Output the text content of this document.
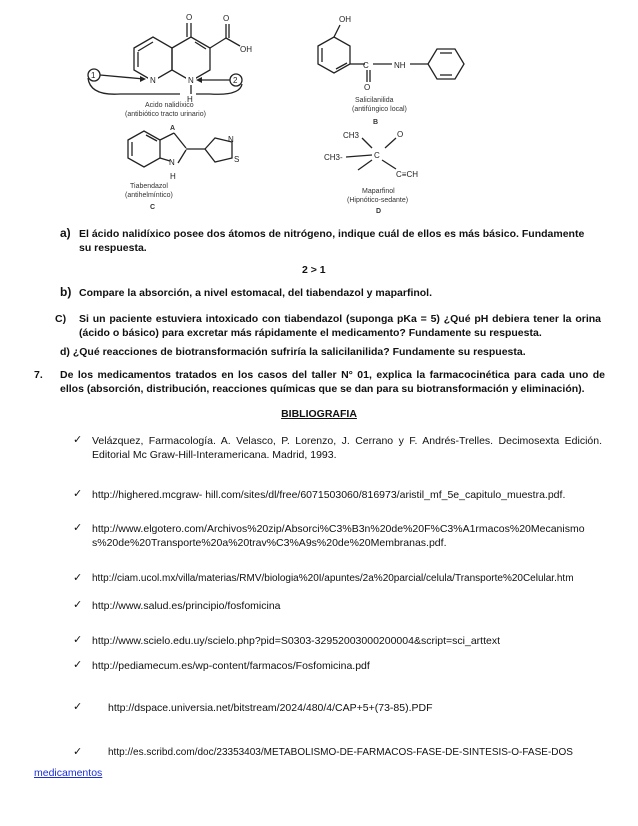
O	O
OH
N	N
H
1
2
Acido nalidíxico
(antibiótico tracto urinario)
A
OH
C
O
NH
Salicilanilida
(antifúngico local)
B
N
H
S
N
Tiabendazol
(antihelmíntico)
C
CH3	O
C
CH3-
C≡CH
Maparfinol
(Hipnótico-sedante)
D
a) El ácido nalidíxico posee dos átomos de nitrógeno, indique cuál de ellos es más básico. Fundamente su respuesta.
2 > 1
b) Compare la absorción, a nivel estomacal, del tiabendazol y maparfinol.
C) Si un paciente estuviera intoxicado con tiabendazol (suponga pKa = 5) ¿Qué pH debiera tener la orina (ácido o básico) para excretar más rápidamente el medicamento? Fundamente su respuesta.
d) ¿Qué reacciones de biotransformación sufriría la salicilanilida? Fundamente su respuesta.
7. De los medicamentos tratados en los casos del taller N° 01, explica la farmacocinética para cada uno de ellos (absorción, distribución, reacciones químicas que se dan para su biotransformación y eliminación).
BIBLIOGRAFIA
✓ Velázquez, Farmacología. A. Velasco, P. Lorenzo, J. Cerrano y F. Andrés-Trelles. Decimosexta Edición. Editorial Mc Graw-Hill-Interamericana. Madrid, 1993.
✓ http://highered.mcgraw- hill.com/sites/dl/free/6071503060/816973/aristil_mf_5e_capitulo_muestra.pdf.
✓ http://www.elgotero.com/Archivos%20zip/Absorci%C3%B3n%20de%20F%C3%A1rmacos%20Mecanismos%20de%20Transporte%20a%20trav%C3%A9s%20de%20Membranas.pdf.
✓ http://ciam.ucol.mx/villa/materias/RMV/biologia%20I/apuntes/2a%20parcial/celula/Transporte%20Celular.htm
✓ http://www.salud.es/principio/fosfomicina
✓ http://www.scielo.edu.uy/scielo.php?pid=S0303-32952003000200004&script=sci_arttext
✓ http://pediamecum.es/wp-content/farmacos/Fosfomicina.pdf
✓ http://dspace.universia.net/bitstream/2024/480/4/CAP+5+(73-85).PDF
✓	http://es.scribd.com/doc/23353403/METABOLISMO-DE-FARMACOS-FASE-DE-SINTESIS-O-FASE-DOS
medicamentos
